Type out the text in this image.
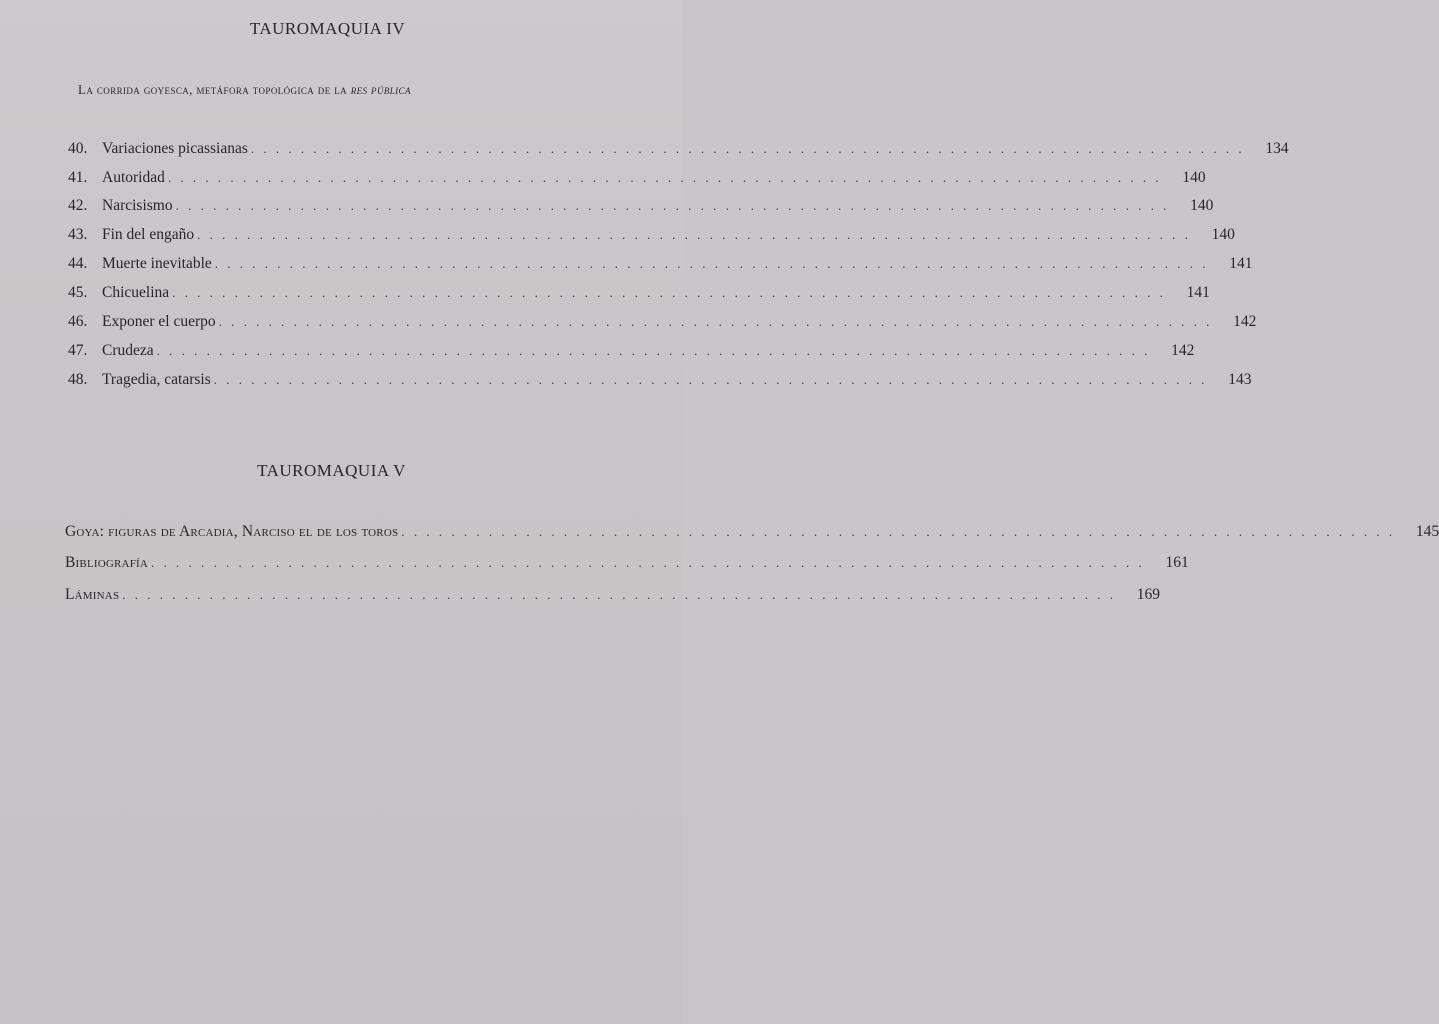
TAUROMAQUIA IV
La corrida goyesca, metáfora topológica de la res pública
40. Variaciones picassianas . . . . . . . . . . . . . . . . . . . . . . . . . . . . . . . . . . . . . . . . . . . . . . . . . . . . . . . . . . . . . . . . . . . . . . . . . . . . . . . .	134
41. Autoridad . . . . . . . . . . . . . . . . . . . . . . . . . . . . . . . . . . . . . . . . . . . . . . . . . . . . . . . . . . . . . . . . . . . . . . . . . . . . . . . .	140
42. Narcisismo . . . . . . . . . . . . . . . . . . . . . . . . . . . . . . . . . . . . . . . . . . . . . . . . . . . . . . . . . . . . . . . . . . . . . . . . . . . . . . . .	140
43. Fin del engaño . . . . . . . . . . . . . . . . . . . . . . . . . . . . . . . . . . . . . . . . . . . . . . . . . . . . . . . . . . . . . . . . . . . . . . . . . . . . . . . .	140
44. Muerte inevitable . . . . . . . . . . . . . . . . . . . . . . . . . . . . . . . . . . . . . . . . . . . . . . . . . . . . . . . . . . . . . . . . . . . . . . . . . . . . . . . .	141
45. Chicuelina . . . . . . . . . . . . . . . . . . . . . . . . . . . . . . . . . . . . . . . . . . . . . . . . . . . . . . . . . . . . . . . . . . . . . . . . . . . . . . . .	141
46. Exponer el cuerpo . . . . . . . . . . . . . . . . . . . . . . . . . . . . . . . . . . . . . . . . . . . . . . . . . . . . . . . . . . . . . . . . . . . . . . . . . . . . . . . .	142
47. Crudeza . . . . . . . . . . . . . . . . . . . . . . . . . . . . . . . . . . . . . . . . . . . . . . . . . . . . . . . . . . . . . . . . . . . . . . . . . . . . . . . .	142
48. Tragedia, catarsis . . . . . . . . . . . . . . . . . . . . . . . . . . . . . . . . . . . . . . . . . . . . . . . . . . . . . . . . . . . . . . . . . . . . . . . . . . . . . . . .	143
TAUROMAQUIA V
Goya: figuras de Arcadia, Narciso el de los toros . . . . . . . . . . . . . . . . . . . . . . . . . . . . . . . . . . . . . . . . . . . . . . . . . . . . . . . . . . . . . . . . . . . . . . . . . . . . . . . .	145
Bibliografía . . . . . . . . . . . . . . . . . . . . . . . . . . . . . . . . . . . . . . . . . . . . . . . . . . . . . . . . . . . . . . . . . . . . . . . . . . . . . . . .	161
Láminas . . . . . . . . . . . . . . . . . . . . . . . . . . . . . . . . . . . . . . . . . . . . . . . . . . . . . . . . . . . . . . . . . . . . . . . . . . . . . . . .	169
